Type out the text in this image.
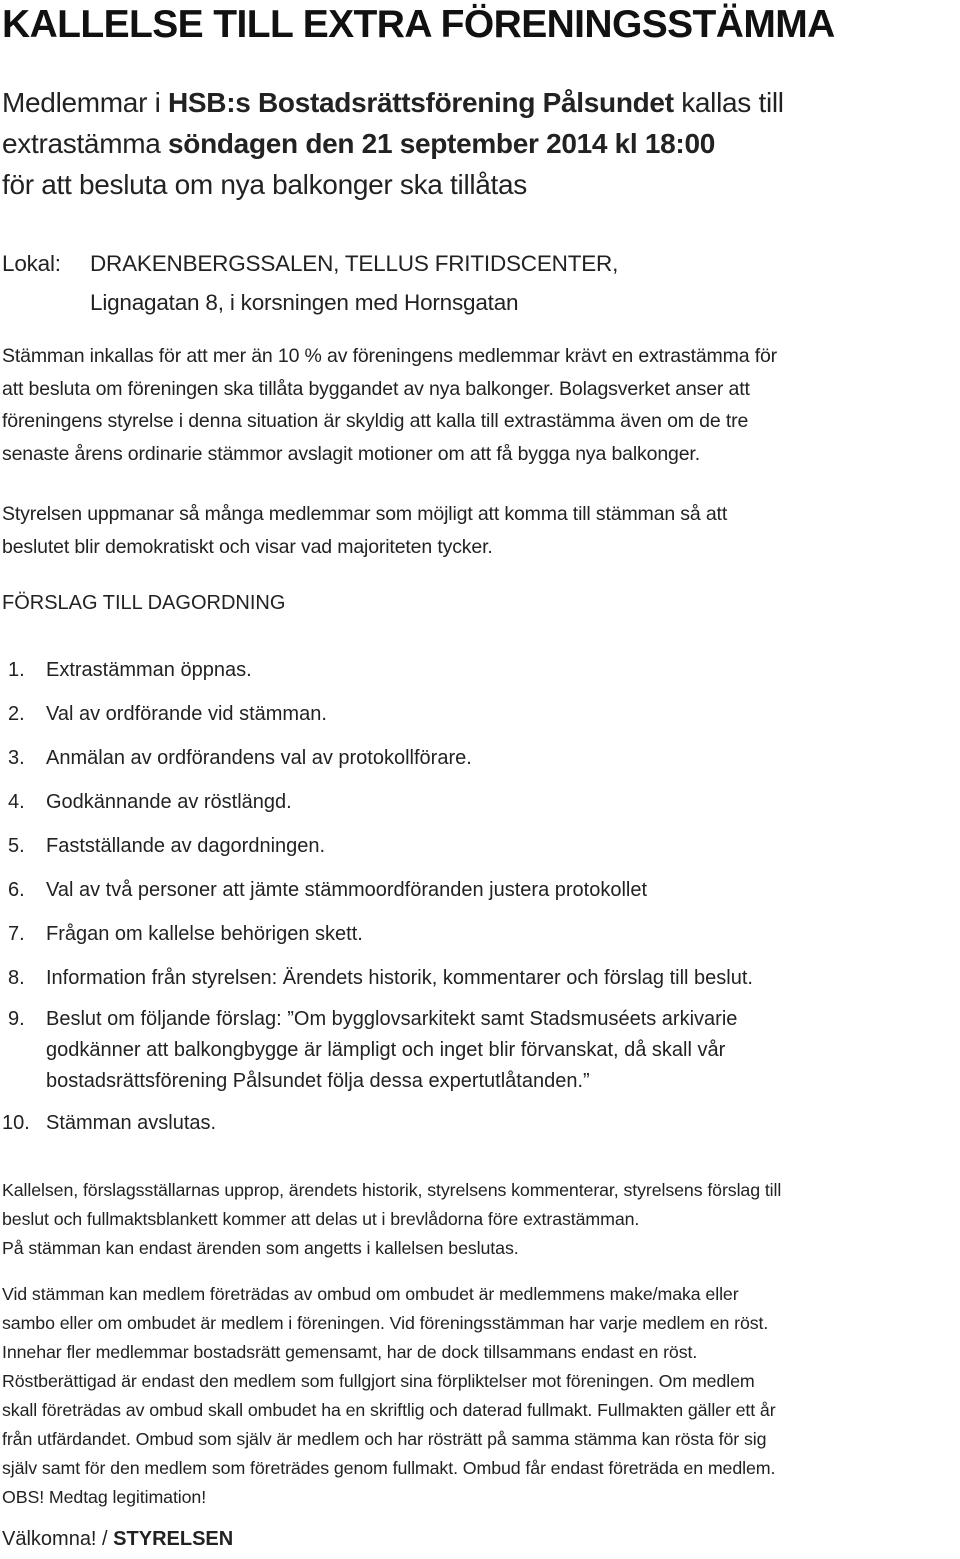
KALLELSE TILL EXTRA FÖRENINGSSTÄMMA
Medlemmar i HSB:s Bostadsrättsförening Pålsundet kallas till
extrastämma söndagen den 21 september 2014 kl 18:00
för att besluta om nya balkonger ska tillåtas
Lokal: DRAKENBERGSSALEN, TELLUS FRITIDSCENTER,
Lignagatan 8, i korsningen med Hornsgatan
Stämman inkallas för att mer än 10 % av föreningens medlemmar krävt en extrastämma för
att besluta om föreningen ska tillåta byggandet av nya balkonger. Bolagsverket anser att
föreningens styrelse i denna situation är skyldig att kalla till extrastämma även om de tre
senaste årens ordinarie stämmor avslagit motioner om att få bygga nya balkonger.
Styrelsen uppmanar så många medlemmar som möjligt att komma till stämman så att
beslutet blir demokratiskt och visar vad majoriteten tycker.
FÖRSLAG TILL DAGORDNING
1. Extrastämman öppnas.
2. Val av ordförande vid stämman.
3. Anmälan av ordförandens val av protokollförare.
4. Godkännande av röstlängd.
5. Fastställande av dagordningen.
6. Val av två personer att jämte stämmoordföranden justera protokollet
7. Frågan om kallelse behörigen skett.
8. Information från styrelsen: Ärendets historik, kommentarer och förslag till beslut.
9. Beslut om följande förslag: ”Om bygglovsarkitekt samt Stadsmuséets arkivarie
godkänner att balkongbygge är lämpligt och inget blir förvanskat, då skall vår
bostadsrättsförening Pålsundet följa dessa expertutlåtanden.”
10. Stämman avslutas.
Kallelsen, förslagsställarnas upprop, ärendets historik, styrelsens kommenterar, styrelsens förslag till
beslut och fullmaktsblankett kommer att delas ut i brevlådorna före extrastämman.
På stämman kan endast ärenden som angetts i kallelsen beslutas.
Vid stämman kan medlem företrädas av ombud om ombudet är medlemmens make/maka eller
sambo eller om ombudet är medlem i föreningen. Vid föreningsstämman har varje medlem en röst.
Innehar fler medlemmar bostadsrätt gemensamt, har de dock tillsammans endast en röst.
Röstberättigad är endast den medlem som fullgjort sina förpliktelser mot föreningen. Om medlem
skall företrädas av ombud skall ombudet ha en skriftlig och daterad fullmakt. Fullmakten gäller ett år
från utfärdandet. Ombud som själv är medlem och har rösträtt på samma stämma kan rösta för sig
själv samt för den medlem som företrädes genom fullmakt. Ombud får endast företräda en medlem.
OBS! Medtag legitimation!
Välkomna! / STYRELSEN
